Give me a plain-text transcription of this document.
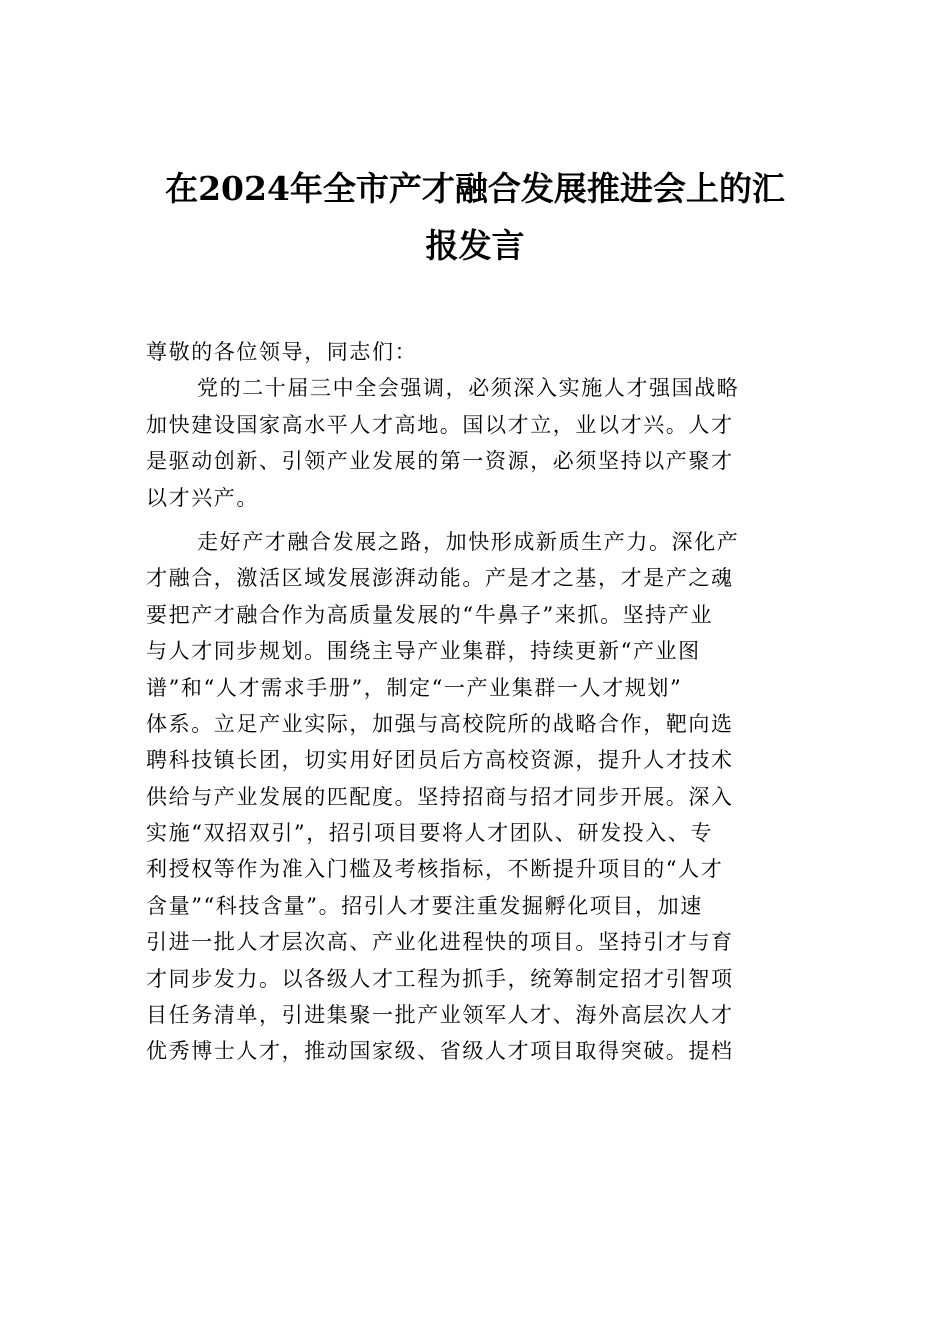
在2024年全市产才融合发展推进会上的汇
报发言
尊敬的各位领导，同志们：
党的二十届三中全会强调，必须深入实施人才强国战略
加快建设国家高水平人才高地。国以才立，业以才兴。人才
是驱动创新、引领产业发展的第一资源，必须坚持以产聚才
以才兴产。
走好产才融合发展之路，加快形成新质生产力。深化产
才融合，激活区域发展澎湃动能。产是才之基，才是产之魂
要把产才融合作为高质量发展的“牛鼻子”来抓。坚持产业
与人才同步规划。围绕主导产业集群，持续更新“产业图
谱”和“人才需求手册”，制定“一产业集群一人才规划”
体系。立足产业实际，加强与高校院所的战略合作，靶向选
聘科技镇长团，切实用好团员后方高校资源，提升人才技术
供给与产业发展的匹配度。坚持招商与招才同步开展。深入
实施“双招双引”，招引项目要将人才团队、研发投入、专
利授权等作为准入门槛及考核指标，不断提升项目的“人才
含量”“科技含量”。招引人才要注重发掘孵化项目，加速
引进一批人才层次高、产业化进程快的项目。坚持引才与育
才同步发力。以各级人才工程为抓手，统筹制定招才引智项
目任务清单，引进集聚一批产业领军人才、海外高层次人才
优秀博士人才，推动国家级、省级人才项目取得突破。提档
